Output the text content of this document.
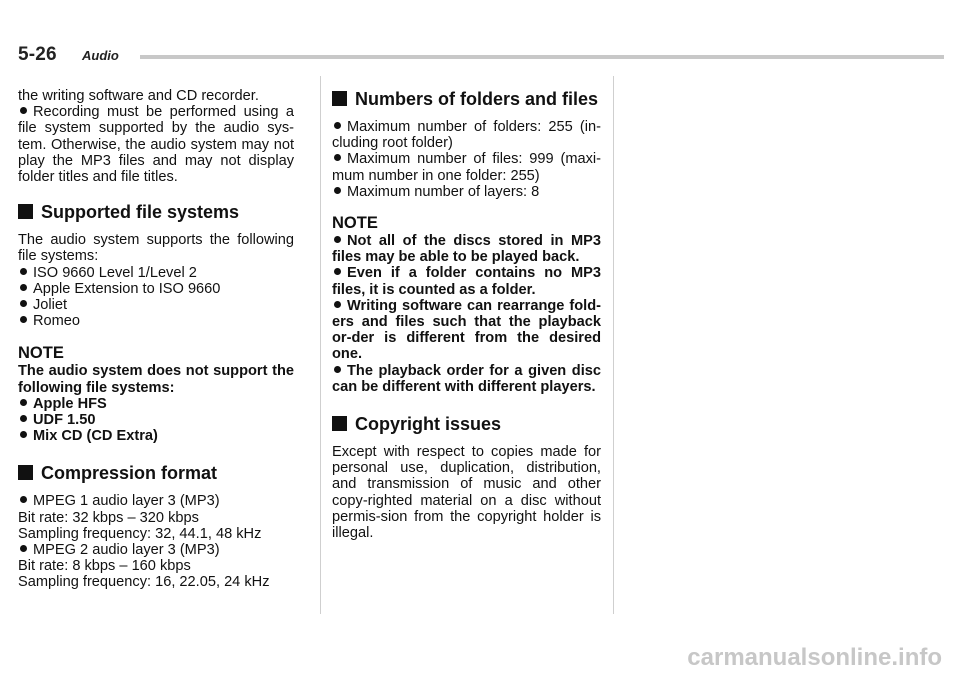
5-26 Audio

the writing software and CD recorder.

Recording must be performed using a file system supported by the audio sys-tem. Otherwise, the audio system may not play the MP3 files and may not display folder titles and file titles.

Supported file systems

The audio system supports the following file systems:

ISO 9660 Level 1/Level 2

Apple Extension to ISO 9660

Joliet

Romeo

NOTE

The audio system does not support the following file systems:

Apple HFS

UDF 1.50

Mix CD (CD Extra)

Compression format

MPEG 1 audio layer 3 (MP3)

Bit rate: 32 kbps – 320 kbps

Sampling frequency: 32, 44.1, 48 kHz

MPEG 2 audio layer 3 (MP3)

Bit rate: 8 kbps – 160 kbps

Sampling frequency: 16, 22.05, 24 kHz

Numbers of folders and files

Maximum number of folders: 255 (in-cluding root folder)

Maximum number of files: 999 (maxi-mum number in one folder: 255)

Maximum number of layers: 8

NOTE

Not all of the discs stored in MP3 files may be able to be played back.

Even if a folder contains no MP3 files, it is counted as a folder.

Writing software can rearrange fold-ers and files such that the playback or-der is different from the desired one.

The playback order for a given disc can be different with different players.

Copyright issues

Except with respect to copies made for personal use, duplication, distribution, and transmission of music and other copy-righted material on a disc without permis-sion from the copyright holder is illegal.

carmanualsonline.info
